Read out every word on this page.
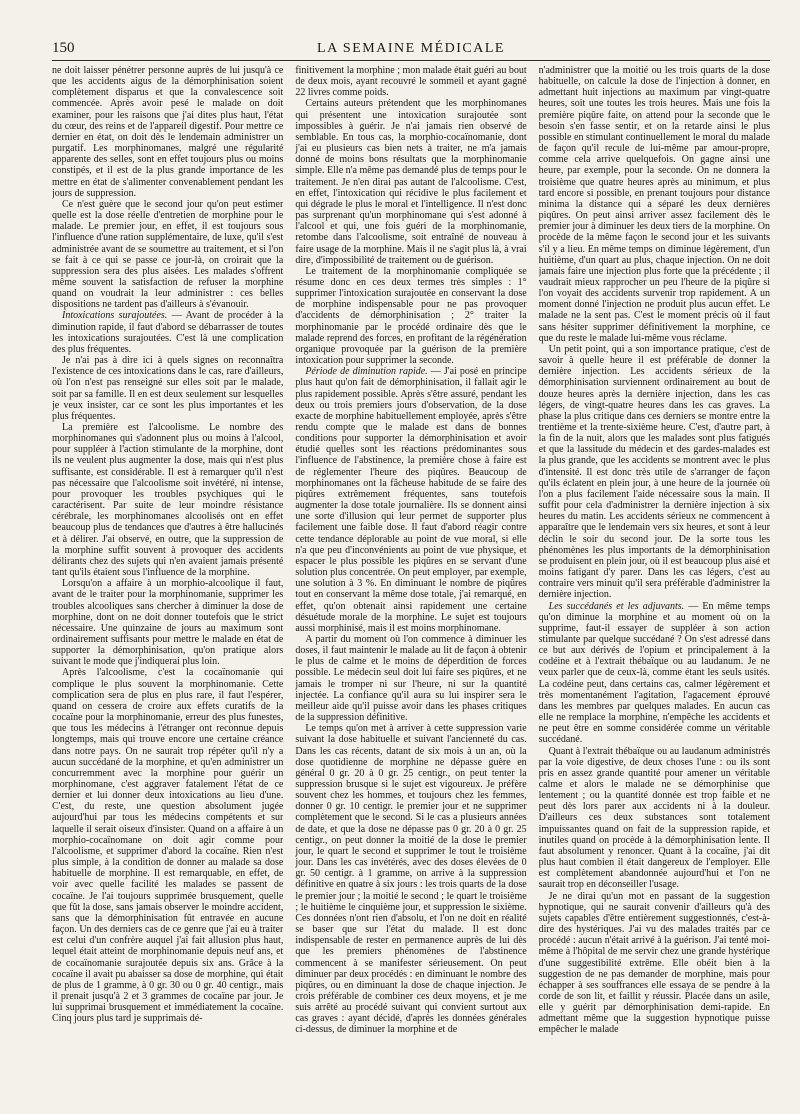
150	LA SEMAINE MÉDICALE

ne doit laisser pénétrer personne auprès de lui jusqu'à ce que les accidents aigus de la démorphinisation soient complètement disparus et que la convalescence soit commencée. Après avoir pesé le malade on doit examiner, pour les raisons que j'ai dites plus haut, l'état du cœur, des reins et de l'appareil digestif. Pour mettre ce dernier en état, on doit dès le lendemain administrer un purgatif. Les morphinomanes, malgré une régularité apparente des selles, sont en effet toujours plus ou moins constipés, et il est de la plus grande importance de les mettre en état de s'alimenter convenablement pendant les jours de suppression.

Ce n'est guère que le second jour qu'on peut estimer quelle est la dose réelle d'entretien de morphine pour le malade. Le premier jour, en effet, il est toujours sous l'influence d'une ration supplémentaire, de luxe, qu'il s'est administrée avant de se soumettre au traitement, et si l'on se fait à ce qui se passe ce jour-là, on croirait que la suppression sera des plus aisées. Les malades s'offrent même souvent la satisfaction de refuser la morphine quand on voudrait la leur administrer : ces belles dispositions ne tardent pas d'ailleurs à s'évanouir.

Intoxications surajoutées. — Avant de procéder à la diminution rapide, il faut d'abord se débarrasser de toutes les intoxications surajoutées. C'est là une complication des plus fréquentes.

Je n'ai pas à dire ici à quels signes on reconnaîtra l'existence de ces intoxications dans le cas, rare d'ailleurs, où l'on n'est pas renseigné sur elles soit par le malade, soit par sa famille. Il en est deux seulement sur lesquelles je veux insister, car ce sont les plus importantes et les plus fréquentes.

La première est l'alcoolisme. Le nombre des morphinomanes qui s'adonnent plus ou moins à l'alcool, pour suppléer à l'action stimulante de la morphine, dont ils ne veulent plus augmenter la dose, mais qui n'est plus suffisante, est considérable. Il est à remarquer qu'il n'est pas nécessaire que l'alcoolisme soit invétéré, ni intense, pour provoquer les troubles psychiques qui le caractérisent. Par suite de leur moindre résistance cérébrale, les morphinomanes alcoolisés ont en effet beaucoup plus de tendances que d'autres à être hallucinés et à délirer. J'ai observé, en outre, que la suppression de la morphine suffit souvent à provoquer des accidents délirants chez des sujets qui n'en avaient jamais présenté tant qu'ils étaient sous l'influence de la morphine.

Lorsqu'on a affaire à un morphio-alcoolique il faut, avant de le traiter pour la morphinomanie, supprimer les troubles alcooliques sans chercher à diminuer la dose de morphine, dont on ne doit donner toutefois que le strict nécessaire. Une quinzaine de jours au maximum sont ordinairement suffisants pour mettre le malade en état de supporter la démorphinisation, qu'on pratique alors suivant le mode que j'indiquerai plus loin.

Après l'alcoolisme, c'est la cocaïnomanie qui complique le plus souvent la morphinomanie. Cette complication sera de plus en plus rare, il faut l'espérer, quand on cessera de croire aux effets curatifs de la cocaïne pour la morphinomanie, erreur des plus funestes, que tous les médecins à l'étranger ont reconnue depuis longtemps, mais qui trouve encore une certaine créance dans notre pays. On ne saurait trop répéter qu'il n'y a aucun succédané de la morphine, et qu'en administrer un concurremment avec la morphine pour guérir un morphinomane, c'est aggraver fatalement l'état de ce dernier et lui donner deux intoxications au lieu d'une. C'est, du reste, une question absolument jugée aujourd'hui par tous les médecins compétents et sur laquelle il serait oiseux d'insister. Quand on a affaire à un morphio-cocaïnomane on doit agir comme pour l'alcoolisme, et supprimer d'abord la cocaïne. Rien n'est plus simple, à la condition de donner au malade sa dose habituelle de morphine. Il est remarquable, en effet, de voir avec quelle facilité les malades se passent de cocaïne. Je l'ai toujours supprimée brusquement, quelle que fût la dose, sans jamais observer le moindre accident, sans que la démorphinisation fût entravée en aucune façon. Un des derniers cas de ce genre que j'ai eu à traiter est celui d'un confrère auquel j'ai fait allusion plus haut, lequel était atteint de morphinomanie depuis neuf ans, et de cocaïnomanie surajoutée depuis six ans. Grâce à la cocaïne il avait pu abaisser sa dose de morphine, qui était de plus de 1 gramme, à 0 gr. 30 ou 0 gr. 40 centigr., mais il prenait jusqu'à 2 et 3 grammes de cocaïne par jour. Je lui supprimai brusquement et immédiatement la cocaïne. Cinq jours plus tard je supprimais dé-

finitivement la morphine ; mon malade était guéri au bout de deux mois, ayant recouvré le sommeil et ayant gagné 22 livres comme poids.

Certains auteurs prétendent que les morphinomanes qui présentent une intoxication surajoutée sont impossibles à guérir. Je n'ai jamais rien observé de semblable. En tous cas, la morphio-cocaïnomanie, dont j'ai eu plusieurs cas bien nets à traiter, ne m'a jamais donné de moins bons résultats que la morphinomanie simple. Elle n'a même pas demandé plus de temps pour le traitement. Je n'en dirai pas autant de l'alcoolisme. C'est, en effet, l'intoxication qui récidive le plus facilement et qui dégrade le plus le moral et l'intelligence. Il n'est donc pas surprenant qu'un morphinomane qui s'est adonné à l'alcool et qui, une fois guéri de la morphinomanie, retombe dans l'alcoolisme, soit entraîné de nouveau à faire usage de la morphine. Mais il ne s'agit plus là, à vrai dire, d'impossibilité de traitement ou de guérison.

Le traitement de la morphinomanie compliquée se résume donc en ces deux termes très simples : 1° supprimer l'intoxication surajoutée en conservant la dose de morphine indispensable pour ne pas provoquer d'accidents de démorphinisation ; 2° traiter la morphinomanie par le procédé ordinaire dès que le malade reprend des forces, en profitant de la régénération organique provoquée par la guérison de la première intoxication pour supprimer la seconde.

Période de diminution rapide. — J'ai posé en principe plus haut qu'on fait de démorphinisation, il fallait agir le plus rapidement possible. Après s'être assuré, pendant les deux ou trois premiers jours d'observation, de la dose exacte de morphine habituellement employée, après s'être rendu compte que le malade est dans de bonnes conditions pour supporter la démorphinisation et avoir étudié quelles sont les réactions prédominantes sous l'influence de l'abstinence, la première chose à faire est de réglementer l'heure des piqûres. Beaucoup de morphinomanes ont la fâcheuse habitude de se faire des piqûres extrêmement fréquentes, sans toutefois augmenter la dose totale journalière. Ils se donnent ainsi une sorte d'illusion qui leur permet de supporter plus facilement une faible dose. Il faut d'abord réagir contre cette tendance déplorable au point de vue moral, si elle n'a que peu d'inconvénients au point de vue physique, et espacer le plus possible les piqûres en se servant d'une solution plus concentrée. On peut employer, par exemple, une solution à 3 %. En diminuant le nombre de piqûres tout en conservant la même dose totale, j'ai remarqué, en effet, qu'on obtenait ainsi rapidement une certaine désuétude morale de la morphine. Le sujet est toujours aussi morphinisé, mais il est moins morphinomane.

A partir du moment où l'on commence à diminuer les doses, il faut maintenir le malade au lit de façon à obtenir le plus de calme et le moins de déperdition de forces possible. Le médecin seul doit lui faire ses piqûres, et ne jamais le tromper ni sur l'heure, ni sur la quantité injectée. La confiance qu'il aura su lui inspirer sera le meilleur aide qu'il puisse avoir dans les phases critiques de la suppression définitive.

Le temps qu'on met à arriver à cette suppression varie suivant la dose habituelle et suivant l'ancienneté du cas. Dans les cas récents, datant de six mois à un an, où la dose quotidienne de morphine ne dépasse guère en général 0 gr. 20 à 0 gr. 25 centigr., on peut tenter la suppression brusque si le sujet est vigoureux. Je préfère souvent chez les hommes, et toujours chez les femmes, donner 0 gr. 10 centigr. le premier jour et ne supprimer complètement que le second. Si le cas a plusieurs années de date, et que la dose ne dépasse pas 0 gr. 20 à 0 gr. 25 centigr., on peut donner la moitié de la dose le premier jour, le quart le second et supprimer le tout le troisième jour. Dans les cas invétérés, avec des doses élevées de 0 gr. 50 centigr. à 1 gramme, on arrive à la suppression définitive en quatre à six jours : les trois quarts de la dose le premier jour ; la moitié le second ; le quart le troisième ; le huitième le cinquième jour, et suppression le sixième. Ces données n'ont rien d'absolu, et l'on ne doit en réalité se baser que sur l'état du malade. Il est donc indispensable de rester en permanence auprès de lui dès que les premiers phénomènes de l'abstinence commencent à se manifester sérieusement. On peut diminuer par deux procédés : en diminuant le nombre des piqûres, ou en diminuant la dose de chaque injection. Je crois préférable de combiner ces deux moyens, et je me suis arrêté au procédé suivant qui convient surtout aux cas graves : ayant décidé, d'après les données générales ci-dessus, de diminuer la morphine et de

n'administrer que la moitié ou les trois quarts de la dose habituelle, on calcule la dose de l'injection à donner, en admettant huit injections au maximum par vingt-quatre heures, soit une toutes les trois heures. Mais une fois la première piqûre faite, on attend pour la seconde que le besoin s'en fasse sentir, et on la retarde ainsi le plus possible en stimulant continuellement le moral du malade de façon qu'il recule de lui-même par amour-propre, comme cela arrive quelquefois. On gagne ainsi une heure, par exemple, pour la seconde. On ne donnera la troisième que quatre heures après au minimum, et plus tard encore si possible, en prenant toujours pour distance minima la distance qui a séparé les deux dernières piqûres. On peut ainsi arriver assez facilement dès le premier jour à diminuer les deux tiers de la morphine. On procède de la même façon le second jour et les suivants s'il y a lieu. En même temps on diminue légèrement, d'un huitième, d'un quart au plus, chaque injection. On ne doit jamais faire une injection plus forte que la précédente ; il vaudrait mieux rapprocher un peu l'heure de la piqûre si l'on voyait des accidents survenir trop rapidement. A un moment donné l'injection ne produit plus aucun effet. Le malade ne la sent pas. C'est le moment précis où il faut sans hésiter supprimer définitivement la morphine, ce que du reste le malade lui-même vous réclame.

Un petit point, qui a son importance pratique, c'est de savoir à quelle heure il est préférable de donner la dernière injection. Les accidents sérieux de la démorphinisation surviennent ordinairement au bout de douze heures après la dernière injection, dans les cas légers, de vingt-quatre heures dans les cas graves. La phase la plus critique dans ces derniers se montre entre la trentième et la trente-sixième heure. C'est, d'autre part, à la fin de la nuit, alors que les malades sont plus fatigués et que la lassitude du médecin et des gardes-malades est la plus grande, que les accidents se montrent avec le plus d'intensité. Il est donc très utile de s'arranger de façon qu'ils éclatent en plein jour, à une heure de la journée où l'on a plus facilement l'aide nécessaire sous la main. Il suffit pour cela d'administrer la dernière injection à six heures du matin. Les accidents sérieux ne commencent à apparaître que le lendemain vers six heures, et sont à leur déclin le soir du second jour. De la sorte tous les phénomènes les plus importants de la démorphinisation se produisent en plein jour, où il est beaucoup plus aisé et moins fatigant d'y parer. Dans les cas légers, c'est au contraire vers minuit qu'il sera préférable d'administrer la dernière injection.

Les succédanés et les adjuvants. — En même temps qu'on diminue la morphine et au moment où on la supprime, faut-il essayer de suppléer à son action stimulante par quelque succédané ? On s'est adressé dans ce but aux dérivés de l'opium et principalement à la codéine et à l'extrait thébaïque ou au laudanum. Je ne veux parler que de ceux-là, comme étant les seuls usités. La codéine peut, dans certains cas, calmer légèrement et très momentanément l'agitation, l'agacement éprouvé dans les membres par quelques malades. En aucun cas elle ne remplace la morphine, n'empêche les accidents et ne peut être en somme considérée comme un véritable succédané.

Quant à l'extrait thébaïque ou au laudanum administrés par la voie digestive, de deux choses l'une : ou ils sont pris en assez grande quantité pour amener un véritable calme et alors le malade ne se démorphinise que lentement ; ou la quantité donnée est trop faible et ne peut dès lors parer aux accidents ni à la douleur. D'ailleurs ces deux substances sont totalement impuissantes quand on fait de la suppression rapide, et inutiles quand on procède à la démorphinisation lente. Il faut absolument y renoncer. Quant à la cocaïne, j'ai dit plus haut combien il était dangereux de l'employer. Elle est complètement abandonnée aujourd'hui et l'on ne saurait trop en déconseiller l'usage.

Je ne dirai qu'un mot en passant de la suggestion hypnotique, qui ne saurait convenir d'ailleurs qu'à des sujets capables d'être entièrement suggestionnés, c'est-à-dire des hystériques. J'ai vu des malades traités par ce procédé : aucun n'était arrivé à la guérison. J'ai tenté moi-même à l'hôpital de me servir chez une grande hystérique d'une suggestibilité extrême. Elle obéit bien à la suggestion de ne pas demander de morphine, mais pour échapper à ses souffrances elle essaya de se pendre à la corde de son lit, et faillit y réussir. Placée dans un asile, elle y guérit par démorphinisation demi-rapide. En admettant même que la suggestion hypnotique puisse empêcher le malade
